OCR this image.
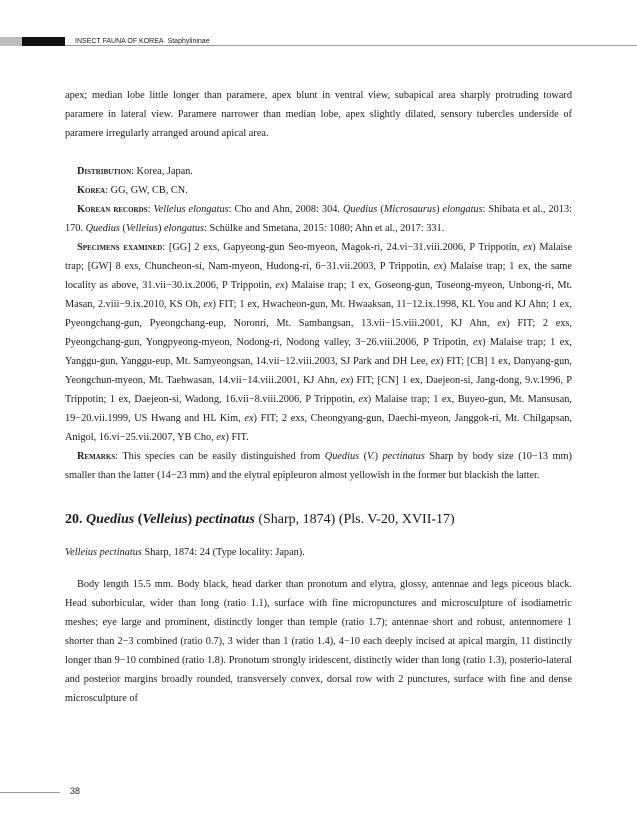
INSECT FAUNA OF KOREA Staphylininae

apex; median lobe little longer than paramere, apex blunt in ventral view, subapical area sharply protruding toward paramere in lateral view. Paramere narrower than median lobe, apex slightly dilated, sensory tubercles underside of paramere irregularly arranged around apical area.

Distribution: Korea, Japan.

Korea: GG, GW, CB, CN.

Korean records: Velleius elongatus: Cho and Ahn, 2008: 304. Quedius (Microsaurus) elongatus: Shibata et al., 2013: 170. Quedius (Velleius) elongatus: Schülke and Smetana, 2015: 1080; Ahn et al., 2017: 331.

Specimens examined: [GG] 2 exs, Gapyeong-gun Seo-myeon, Magok-ri, 24.vi−31.viii.2006, P Trippotin, ex) Malaise trap; [GW] 8 exs, Chuncheon-si, Nam-myeon, Hudong-ri, 6−31.vii.2003, P Trippotin, ex) Malaise trap; 1 ex, the same locality as above, 31.vii−30.ix.2006, P Trippotin, ex) Malaise trap; 1 ex, Goseong-gun, Toseong-myeon, Unbong-ri, Mt. Masan, 2.viii−9.ix.2010, KS Oh, ex) FIT; 1 ex, Hwacheon-gun, Mt. Hwaaksan, 11−12.ix.1998, KL You and KJ Ahn; 1 ex, Pyeongchang-gun, Pyeongchang-eup, Noronri, Mt. Sambangsan, 13.vii−15.viii.2001, KJ Ahn, ex) FIT; 2 exs, Pyeongchang-gun, Yongpyeong-myeon, Nodong-ri, Nodong valley, 3−26.viii.2006, P Tripotin, ex) Malaise trap; 1 ex, Yanggu-gun, Yanggu-eup, Mt. Samyeongsan, 14.vii−12.viii.2003, SJ Park and DH Lee, ex) FIT; [CB] 1 ex, Danyang-gun, Yeongchun-myeon, Mt. Taehwasan, 14.vii−14.viii.2001, KJ Ahn, ex) FIT; [CN] 1 ex, Daejeon-si, Jang-dong, 9.v.1996, P Trippotin; 1 ex, Daejeon-si, Wadong, 16.vii−8.viii.2006, P Trippotin, ex) Malaise trap; 1 ex, Buyeo-gun, Mt. Mansusan, 19−20.vii.1999, US Hwang and HL Kim, ex) FIT; 2 exs, Cheongyang-gun, Daechi-myeon, Janggok-ri, Mt. Chilgapsan, Anigol, 16.vi−25.vii.2007, YB Cho, ex) FIT.

Remarks: This species can be easily distinguished from Quedius (V.) pectinatus Sharp by body size (10−13 mm) smaller than the latter (14−23 mm) and the elytral epipleuron almost yellowish in the former but blackish the latter.

20. Quedius (Velleius) pectinatus (Sharp, 1874) (Pls. V-20, XVII-17)

Velleius pectinatus Sharp, 1874: 24 (Type locality: Japan).

Body length 15.5 mm. Body black, head darker than pronotum and elytra, glossy, antennae and legs piceous black. Head suborbicular, wider than long (ratio 1.1), surface with fine micropunctures and microsculpture of isodiametric meshes; eye large and prominent, distinctly longer than temple (ratio 1.7); antennae short and robust, antennomere 1 shorter than 2−3 combined (ratio 0.7), 3 wider than 1 (ratio 1.4), 4−10 each deeply incised at apical margin, 11 distinctly longer than 9−10 combined (ratio 1.8). Pronotum strongly iridescent, distinctly wider than long (ratio 1.3), posterio-lateral and posterior margins broadly rounded, transversely convex, dorsal row with 2 punctures, surface with fine and dense microsculpture of

38
